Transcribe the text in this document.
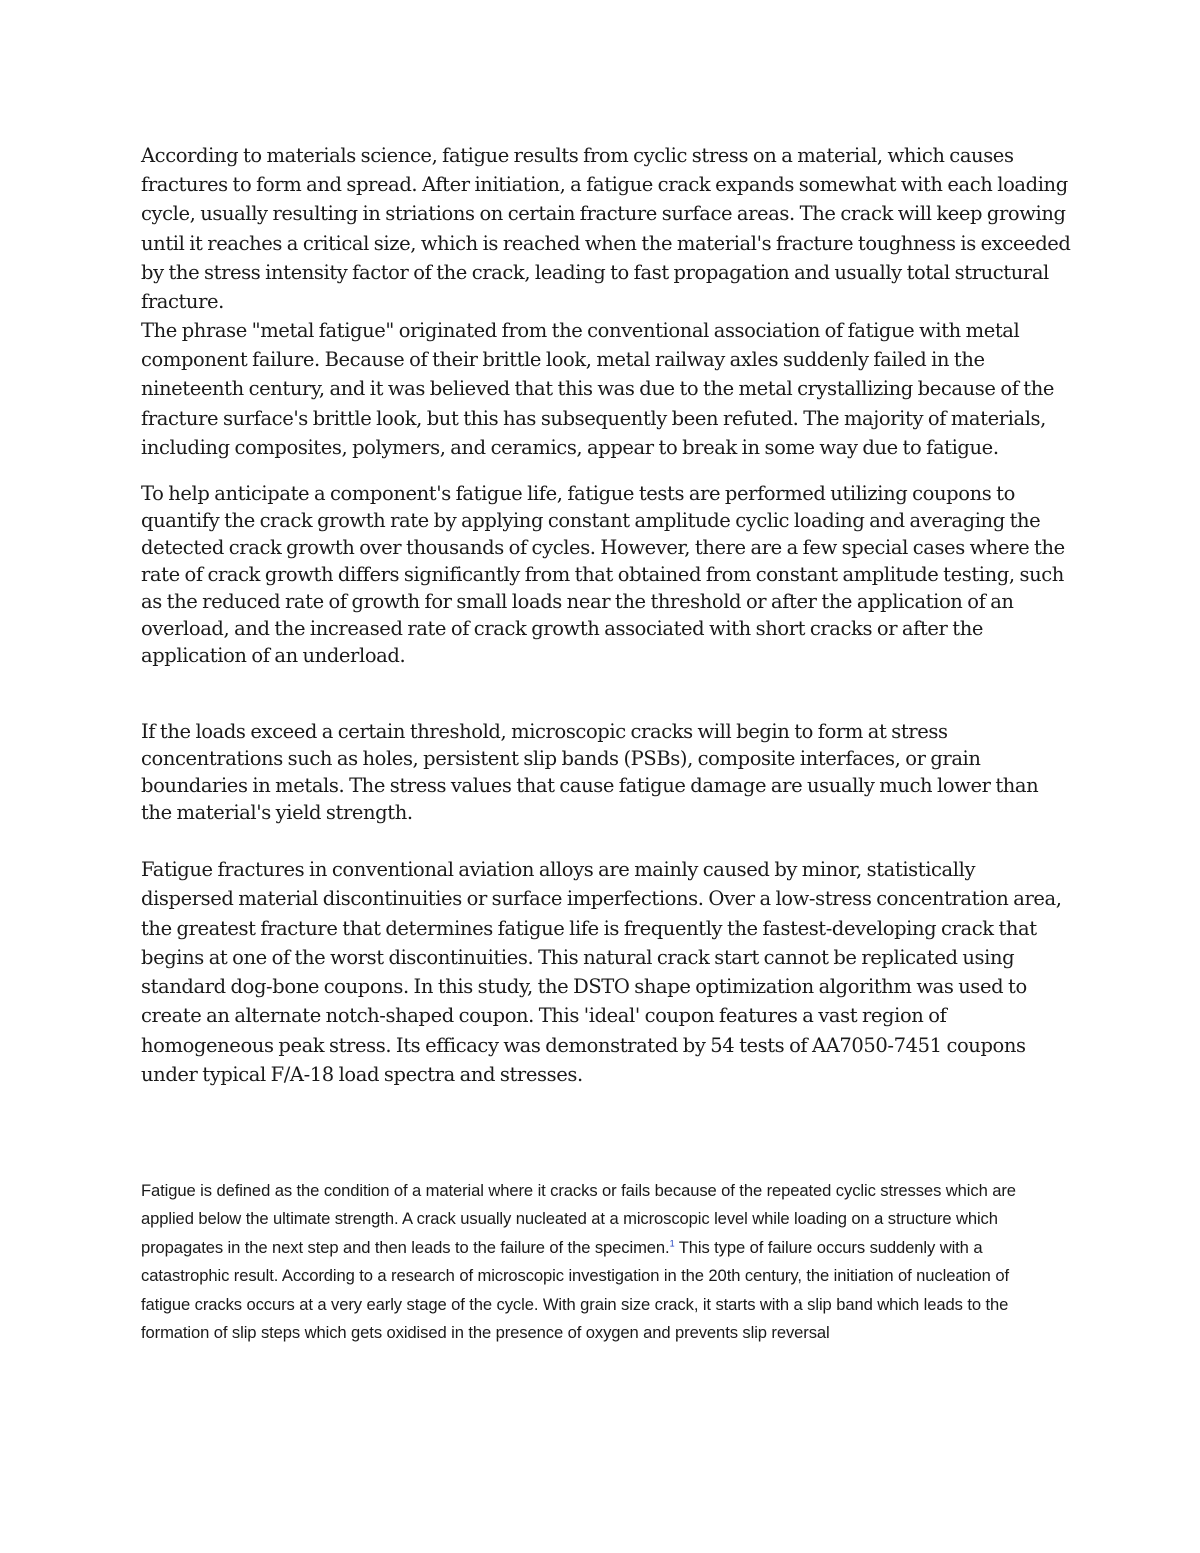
According to materials science, fatigue results from cyclic stress on a material, which causes fractures to form and spread. After initiation, a fatigue crack expands somewhat with each loading cycle, usually resulting in striations on certain fracture surface areas. The crack will keep growing until it reaches a critical size, which is reached when the material's fracture toughness is exceeded by the stress intensity factor of the crack, leading to fast propagation and usually total structural fracture.

The phrase "metal fatigue" originated from the conventional association of fatigue with metal component failure. Because of their brittle look, metal railway axles suddenly failed in the nineteenth century, and it was believed that this was due to the metal crystallizing because of the fracture surface's brittle look, but this has subsequently been refuted. The majority of materials, including composites, polymers, and ceramics, appear to break in some way due to fatigue.

To help anticipate a component's fatigue life, fatigue tests are performed utilizing coupons to quantify the crack growth rate by applying constant amplitude cyclic loading and averaging the detected crack growth over thousands of cycles. However, there are a few special cases where the rate of crack growth differs significantly from that obtained from constant amplitude testing, such as the reduced rate of growth for small loads near the threshold or after the application of an overload, and the increased rate of crack growth associated with short cracks or after the application of an underload.

If the loads exceed a certain threshold, microscopic cracks will begin to form at stress concentrations such as holes, persistent slip bands (PSBs), composite interfaces, or grain boundaries in metals. The stress values that cause fatigue damage are usually much lower than the material's yield strength.

Fatigue fractures in conventional aviation alloys are mainly caused by minor, statistically dispersed material discontinuities or surface imperfections. Over a low-stress concentration area, the greatest fracture that determines fatigue life is frequently the fastest-developing crack that begins at one of the worst discontinuities. This natural crack start cannot be replicated using standard dog-bone coupons. In this study, the DSTO shape optimization algorithm was used to create an alternate notch-shaped coupon. This 'ideal' coupon features a vast region of homogeneous peak stress. Its efficacy was demonstrated by 54 tests of AA7050-7451 coupons under typical F/A-18 load spectra and stresses.

Fatigue is defined as the condition of a material where it cracks or fails because of the repeated cyclic stresses which are applied below the ultimate strength. A crack usually nucleated at a microscopic level while loading on a structure which propagates in the next step and then leads to the failure of the specimen.$^1$ This type of failure occurs suddenly with a catastrophic result. According to a research of microscopic investigation in the 20th century, the initiation of nucleation of fatigue cracks occurs at a very early stage of the cycle. With grain size crack, it starts with a slip band which leads to the formation of slip steps which gets oxidised in the presence of oxygen and prevents slip reversal
